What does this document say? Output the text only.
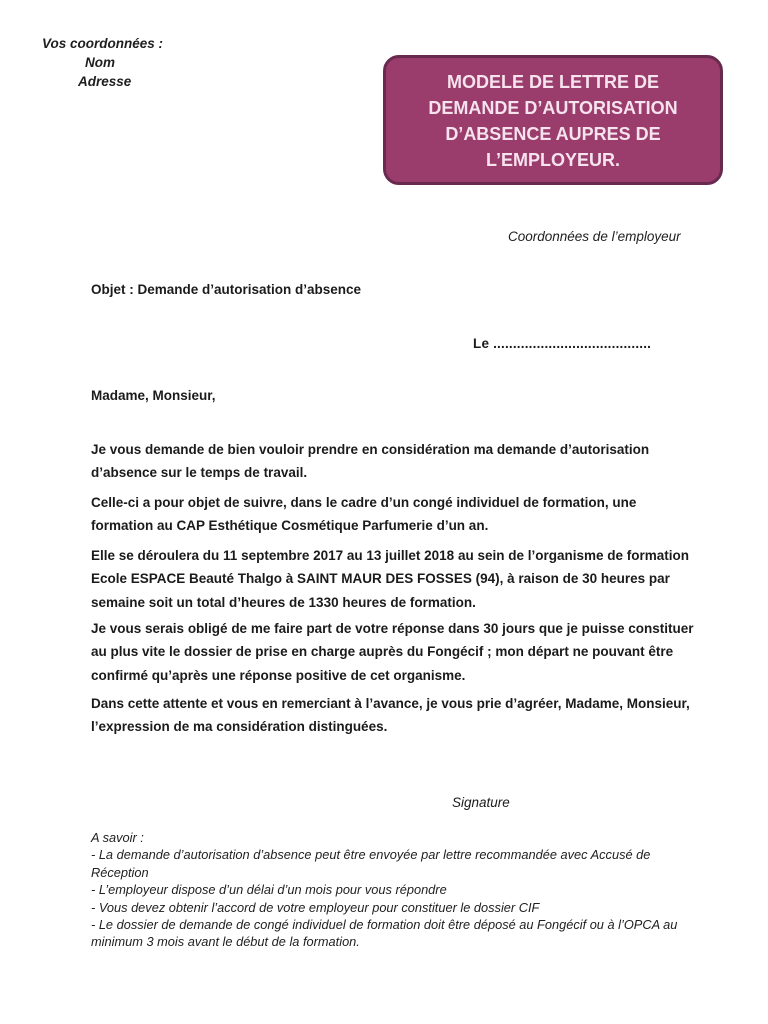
Vos coordonnées :
Nom
Adresse	MODELE DE LETTRE DE
DEMANDE D’AUTORISATION
D’ABSENCE AUPRES DE
L’EMPLOYEUR.
Coordonnées de l’employeur
Objet : Demande d’autorisation d’absence
Le ........................................
Madame, Monsieur,
Je vous demande de bien vouloir prendre en considération ma demande d’autorisation d’absence sur le temps de travail.
Celle-ci a pour objet de suivre, dans le cadre d’un congé individuel de formation, une formation au CAP Esthétique Cosmétique Parfumerie d’un an.
Elle se déroulera du 11 septembre 2017 au 13 juillet 2018 au sein de l’organisme de formation Ecole ESPACE Beauté Thalgo à SAINT MAUR DES FOSSES (94), à raison de 30 heures par semaine soit un total d’heures de 1330 heures de formation.
Je vous serais obligé de me faire part de votre réponse dans 30 jours que je puisse constituer au plus vite le dossier de prise en charge auprès du Fongécif ; mon départ ne pouvant être confirmé qu’après une réponse positive de cet organisme.
Dans cette attente et vous en remerciant à l’avance, je vous prie d’agréer, Madame, Monsieur, l’expression de ma considération distinguées.
Signature
A savoir :
- La demande d’autorisation d’absence peut être envoyée par lettre recommandée avec Accusé de Réception
- L’employeur dispose d’un délai d’un mois pour vous répondre
- Vous devez obtenir l’accord de votre employeur pour constituer le dossier CIF
- Le dossier de demande de congé individuel de formation doit être déposé au Fongécif ou à l’OPCA au minimum 3 mois avant le début de la formation.
